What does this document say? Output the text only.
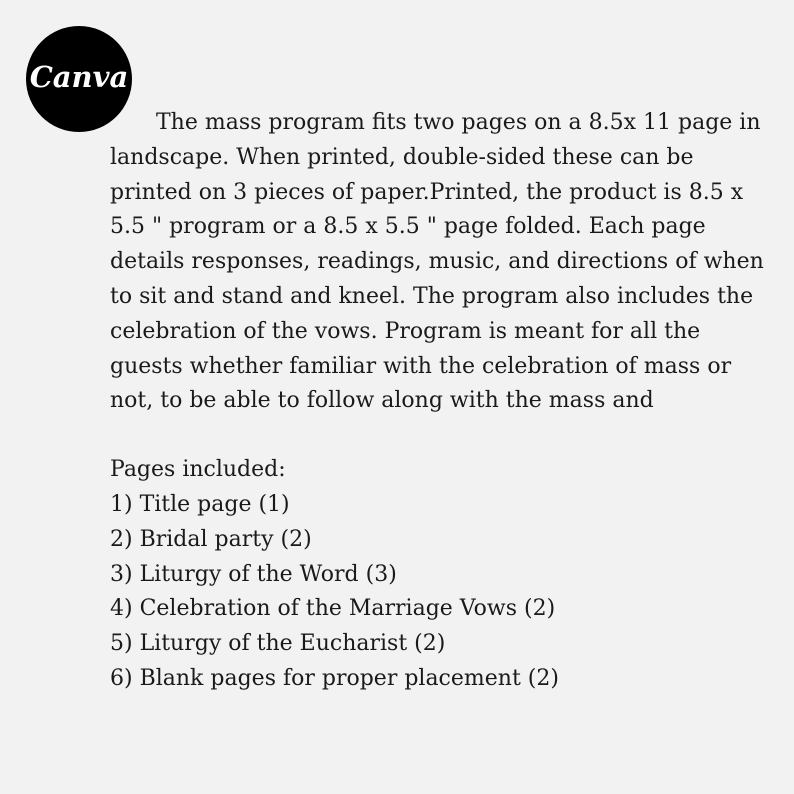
Canva

The mass program fits two pages on a 8.5x 11 page in landscape. When printed, double-sided these can be printed on 3 pieces of paper.Printed, the product is 8.5 x 5.5 " program or a 8.5 x 5.5 " page folded. Each page details responses, readings, music, and directions of when to sit and stand and kneel. The program also includes the celebration of the vows. Program is meant for all the guests whether familiar with the celebration of mass or not, to be able to follow along with the mass and

Pages included:

1) Title page (1)
2) Bridal party (2)
3) Liturgy of the Word (3)
4) Celebration of the Marriage Vows (2)
5) Liturgy of the Eucharist (2)
6) Blank pages for proper placement (2)
